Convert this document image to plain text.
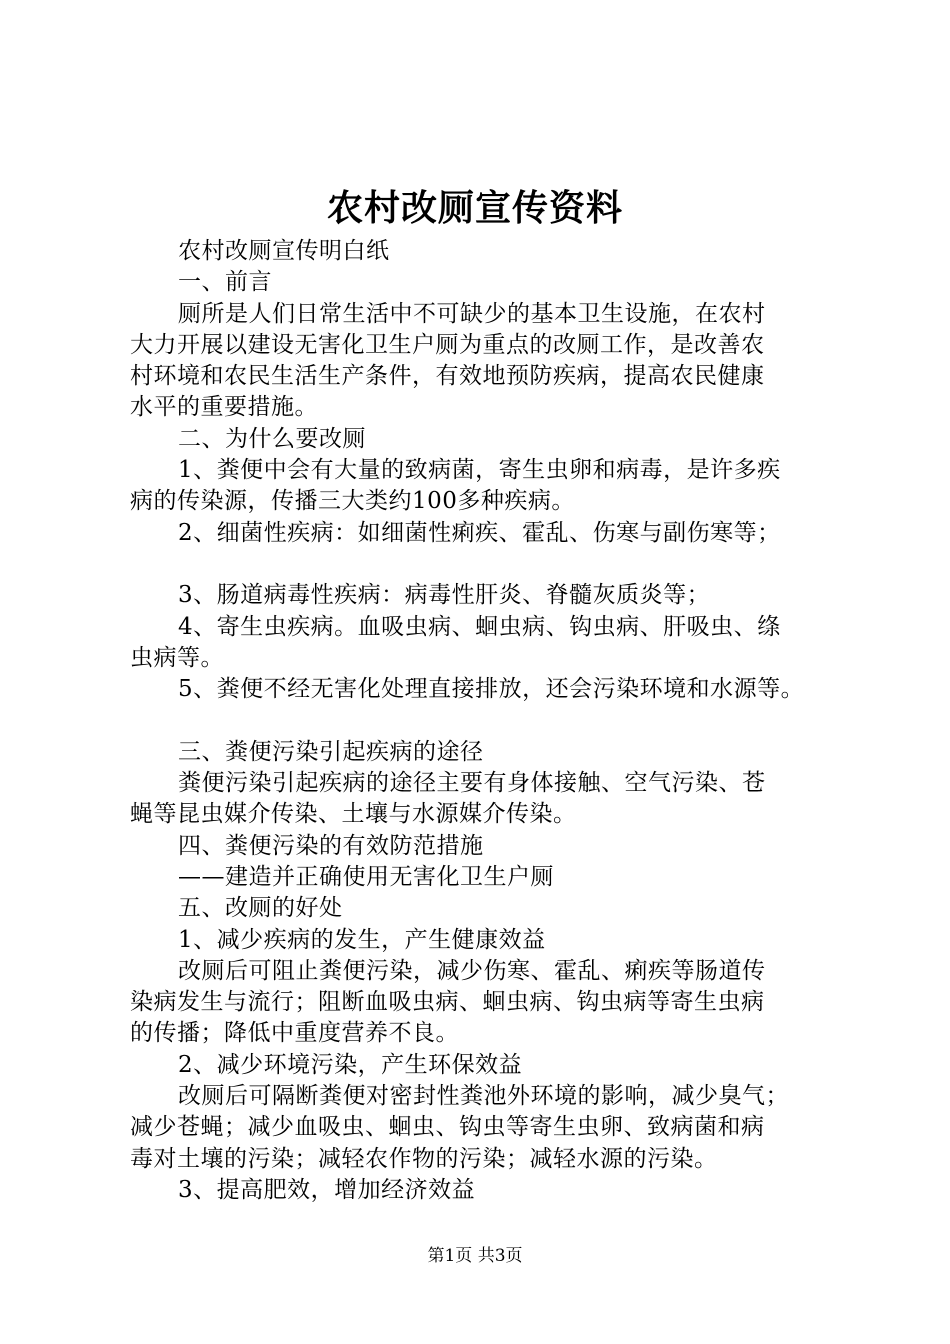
农村改厕宣传资料
农村改厕宣传明白纸
一、前言
厕所是人们日常生活中不可缺少的基本卫生设施，在农村
大力开展以建设无害化卫生户厕为重点的改厕工作，是改善农
村环境和农民生活生产条件，有效地预防疾病，提高农民健康
水平的重要措施。
二、为什么要改厕
1、粪便中会有大量的致病菌，寄生虫卵和病毒，是许多疾
病的传染源，传播三大类约100多种疾病。
2、细菌性疾病：如细菌性痢疾、霍乱、伤寒与副伤寒等；
3、肠道病毒性疾病：病毒性肝炎、脊髓灰质炎等；
4、寄生虫疾病。血吸虫病、蛔虫病、钩虫病、肝吸虫、绦
虫病等。
5、粪便不经无害化处理直接排放，还会污染环境和水源等。
三、粪便污染引起疾病的途径
粪便污染引起疾病的途径主要有身体接触、空气污染、苍
蝇等昆虫媒介传染、土壤与水源媒介传染。
四、粪便污染的有效防范措施
——建造并正确使用无害化卫生户厕
五、改厕的好处
1、减少疾病的发生，产生健康效益
改厕后可阻止粪便污染，减少伤寒、霍乱、痢疾等肠道传
染病发生与流行；阻断血吸虫病、蛔虫病、钩虫病等寄生虫病
的传播；降低中重度营养不良。
2、减少环境污染，产生环保效益
改厕后可隔断粪便对密封性粪池外环境的影响，减少臭气；
减少苍蝇；减少血吸虫、蛔虫、钩虫等寄生虫卵、致病菌和病
毒对土壤的污染；减轻农作物的污染；减轻水源的污染。
3、提高肥效，增加经济效益
第1页 共3页
